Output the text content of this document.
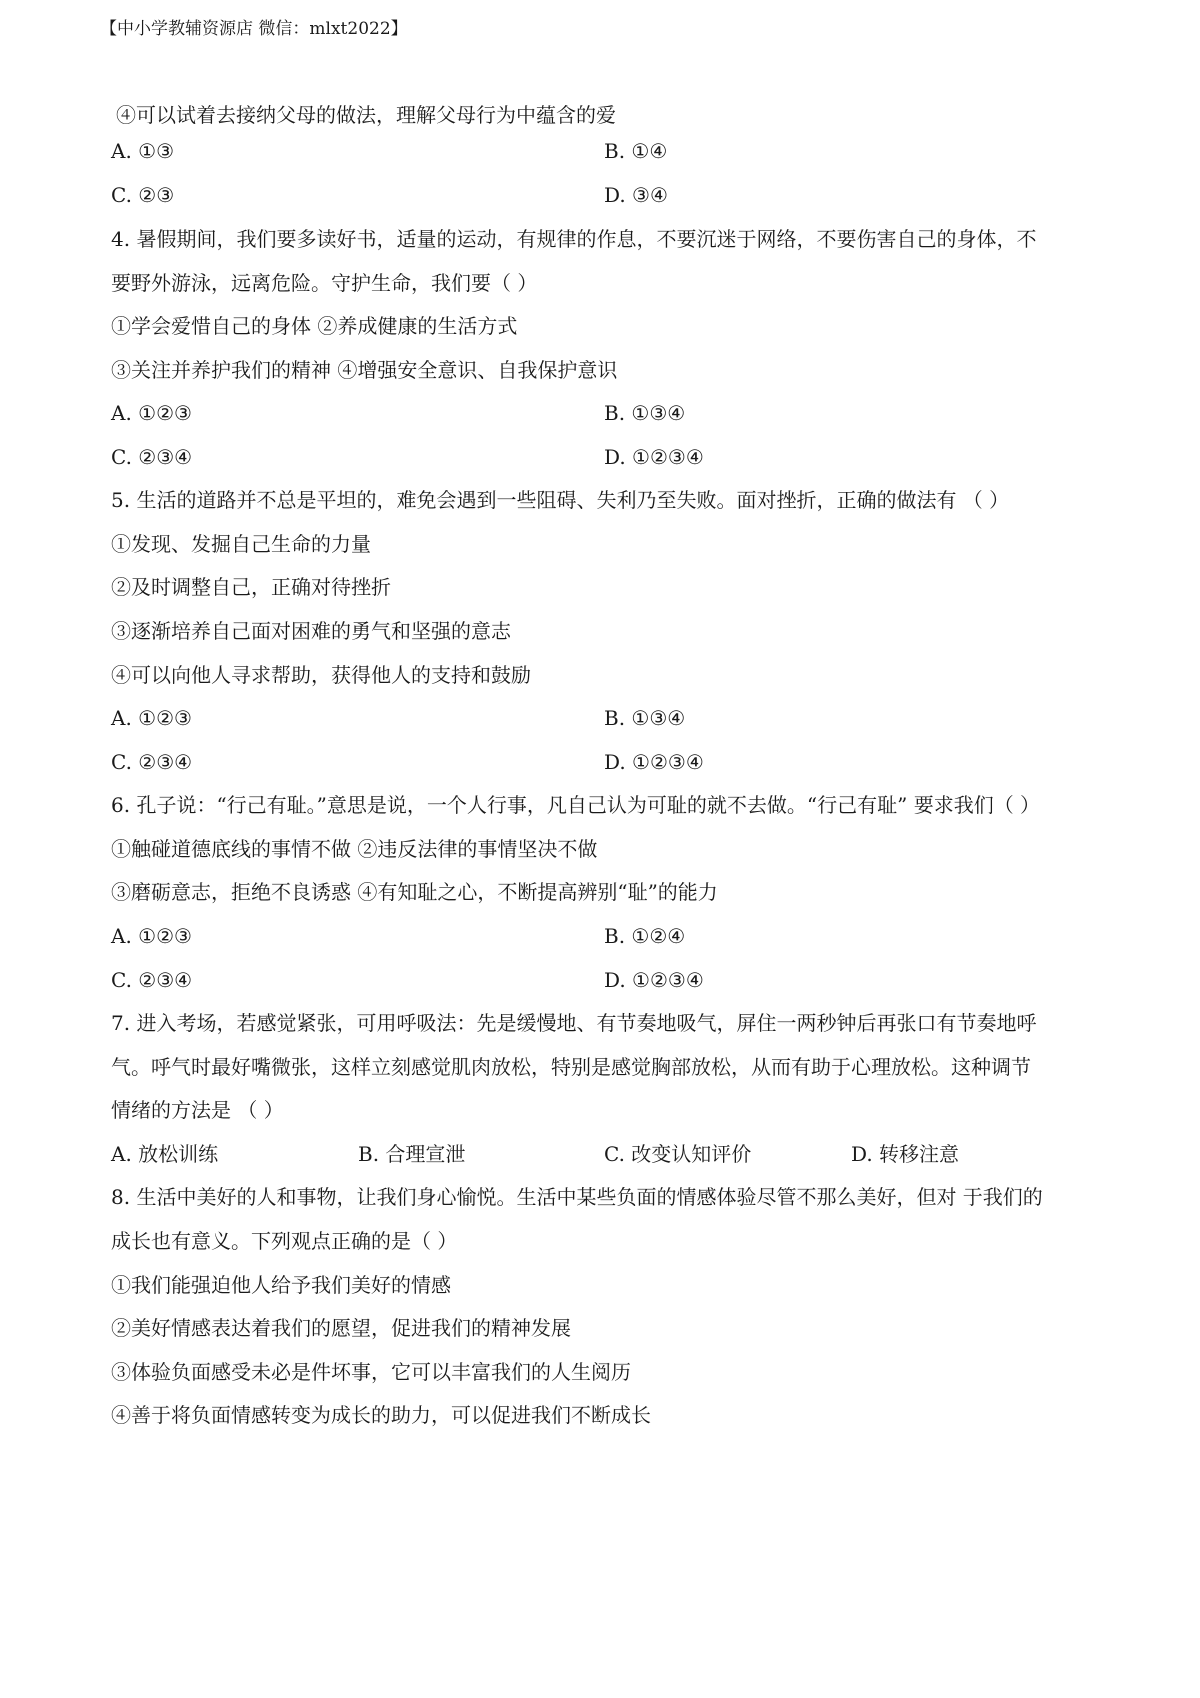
【中小学教辅资源店 微信：mlxt2022】
④可以试着去接纳父母的做法，理解父母行为中蕴含的爱
A. ①③	B. ①④
C. ②③	D. ③④
4. 暑假期间，我们要多读好书，适量的运动，有规律的作息，不要沉迷于网络，不要伤害自己的身体，不
要野外游泳，远离危险。守护生命，我们要（ ）
①学会爱惜自己的身体 ②养成健康的生活方式
③关注并养护我们的精神 ④增强安全意识、自我保护意识
A. ①②③	B. ①③④
C. ②③④	D. ①②③④
5. 生活的道路并不总是平坦的，难免会遇到一些阻碍、失利乃至失败。面对挫折，正确的做法有 （ ）
①发现、发掘自己生命的力量
②及时调整自己，正确对待挫折
③逐渐培养自己面对困难的勇气和坚强的意志
④可以向他人寻求帮助，获得他人的支持和鼓励
A. ①②③	B. ①③④
C. ②③④	D. ①②③④
6. 孔子说：“行己有耻。”意思是说，一个人行事，凡自己认为可耻的就不去做。“行己有耻” 要求我们（ ）
①触碰道德底线的事情不做 ②违反法律的事情坚决不做
③磨砺意志，拒绝不良诱惑 ④有知耻之心，不断提高辨别“耻”的能力
A. ①②③	B. ①②④
C. ②③④	D. ①②③④
7. 进入考场，若感觉紧张，可用呼吸法：先是缓慢地、有节奏地吸气，屏住一两秒钟后再张口有节奏地呼
气。呼气时最好嘴微张，这样立刻感觉肌肉放松，特别是感觉胸部放松，从而有助于心理放松。这种调节
情绪的方法是 （ ）
A. 放松训练	B. 合理宣泄	C. 改变认知评价	D. 转移注意
8. 生活中美好的人和事物，让我们身心愉悦。生活中某些负面的情感体验尽管不那么美好，但对 于我们的
成长也有意义。下列观点正确的是（ ）
①我们能强迫他人给予我们美好的情感
②美好情感表达着我们的愿望，促进我们的精神发展
③体验负面感受未必是件坏事，它可以丰富我们的人生阅历
④善于将负面情感转变为成长的助力，可以促进我们不断成长
